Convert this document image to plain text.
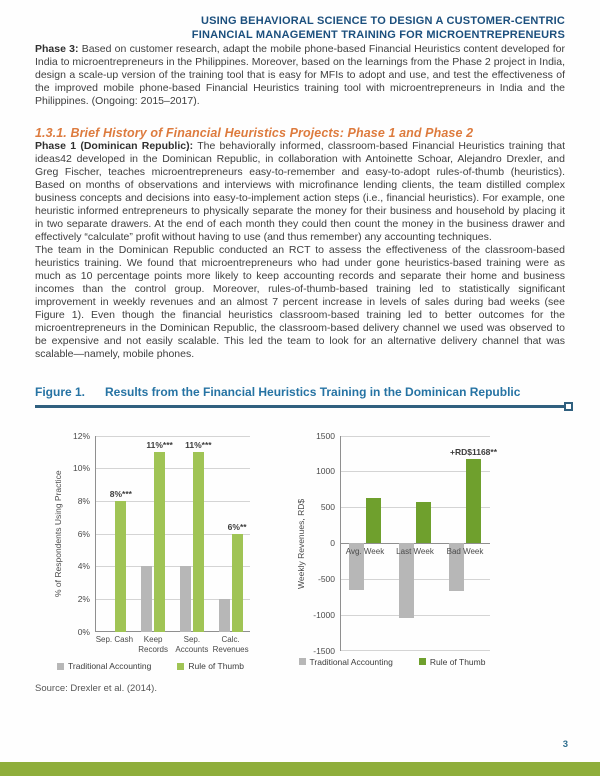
USING BEHAVIORAL SCIENCE TO DESIGN A CUSTOMER-CENTRIC
FINANCIAL MANAGEMENT TRAINING FOR MICROENTREPRENEURS

Phase 3: Based on customer research, adapt the mobile phone-based Financial Heuristics content developed for India to microentrepreneurs in the Philippines. Moreover, based on the learnings from the Phase 2 project in India, design a scale-up version of the training tool that is easy for MFIs to adopt and use, and test the effectiveness of the improved mobile phone-based Financial Heuristics training tool with microentrepreneurs in India and the Philippines. (Ongoing: 2015–2017).

1.3.1. Brief History of Financial Heuristics Projects: Phase 1 and Phase 2

Phase 1 (Dominican Republic): The behaviorally informed, classroom-based Financial Heuristics training that ideas42 developed in the Dominican Republic, in collaboration with Antoinette Schoar, Alejandro Drexler, and Greg Fischer, teaches microentrepreneurs easy-to-remember and easy-to-adopt rules-of-thumb (heuristics). Based on months of observations and interviews with microfinance lending clients, the team distilled complex business concepts and decisions into easy-to-implement action steps (i.e., financial heuristics). For example, one heuristic informed entrepreneurs to physically separate the money for their business and household by placing it in two separate drawers. At the end of each month they could then count the money in the business drawer and effectively “calculate” profit without having to use (and thus remember) any accounting techniques.

The team in the Dominican Republic conducted an RCT to assess the effectiveness of the classroom-based heuristics training. We found that microentrepreneurs who had under gone heuristics-based training were as much as 10 percentage points more likely to keep accounting records and separate their home and business incomes than the control group. Moreover, rules-of-thumb-based training led to statistically significant improvement in weekly revenues and an almost 7 percent increase in levels of sales during bad weeks (see Figure 1). Even though the financial heuristics classroom-based training led to better outcomes for the microentrepreneurs in the Dominican Republic, the classroom-based delivery channel we used was observed to be expensive and not easily scalable. This led the team to look for an alternative delivery channel that was scalable—namely, mobile phones.

Figure 1.	Results from the Financial Heuristics Training in the Dominican Republic
% of Respondents Using Practice
0%
2%
4%
6%
8%
10%
12%
8%***
11%*** 11%***
6%**
Sep. Cash	Keep Records
Sep. Accounts
Calc. Revenues
Traditional Accounting	Rule of Thumb
Weekly Revenues, RD$
-1500
-1000
-500
0
500
1000
1500
Avg. Week Last Week
+RD$1168**
Bad Week
Traditional Accounting	Rule of Thumb
Source: Drexler et al. (2014).
3
